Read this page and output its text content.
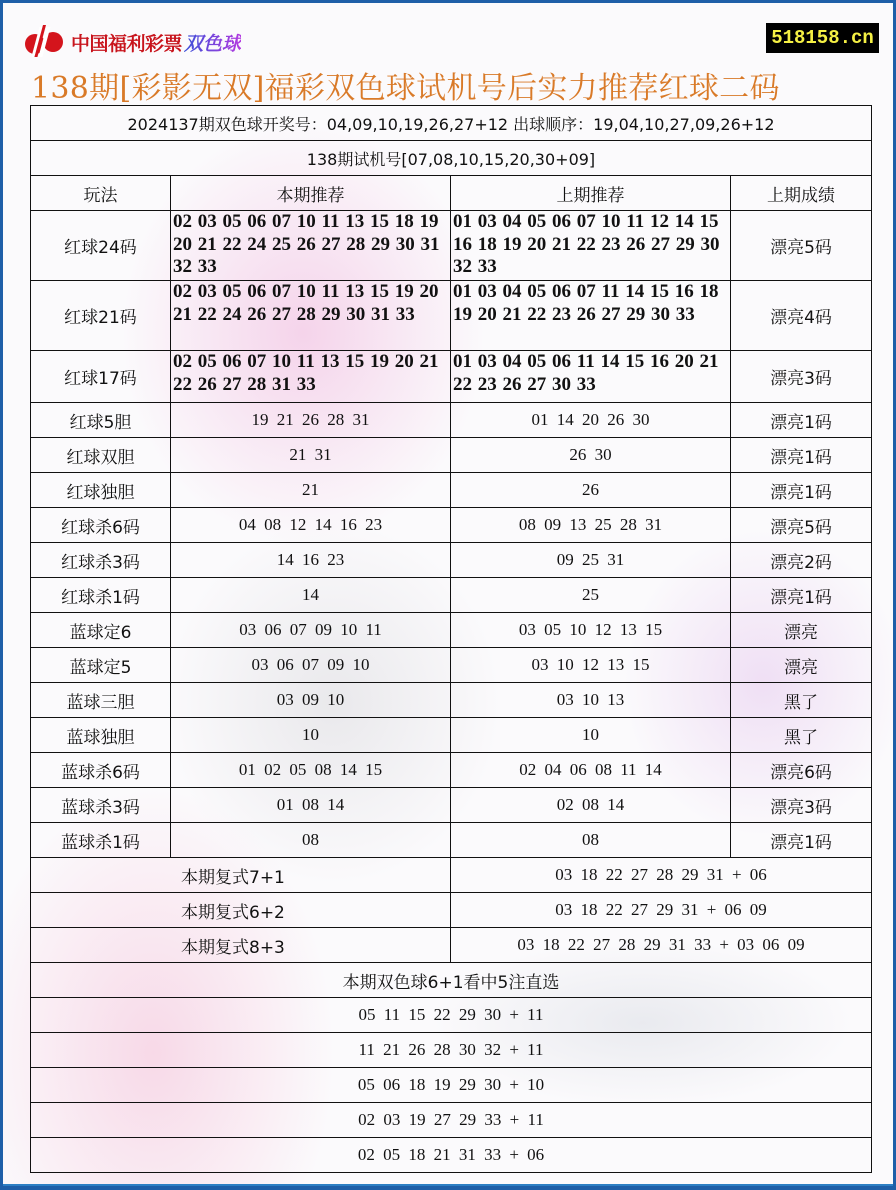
中国福利彩票 双色球	518158.cn
138期[彩影无双]福彩双色球试机号后实力推荐红球二码
2024137期双色球开奖号：04,09,10,19,26,27+12 出球顺序：19,04,10,27,09,26+12			
138期试机号[07,08,10,15,20,30+09]			
玩法	本期推荐	上期推荐	上期成绩
红球24码	02 03 05 06 07 10 11 13 15 18 19 20 21 22 24 25 26 27 28 29 30 31 32 33	01 03 04 05 06 07 10 11 12 14 15 16 18 19 20 21 22 23 26 27 29 30 32 33	漂亮5码
红球21码	02 03 05 06 07 10 11 13 15 19 20 21 22 24 26 27 28 29 30 31 33	01 03 04 05 06 07 11 14 15 16 18 19 20 21 22 23 26 27 29 30 33	漂亮4码
红球17码	02 05 06 07 10 11 13 15 19 20 21 22 26 27 28 31 33	01 03 04 05 06 11 14 15 16 20 21 22 23 26 27 30 33	漂亮3码
红球5胆	19 21 26 28 31	01 14 20 26 30	漂亮1码
红球双胆	21 31	26 30	漂亮1码
红球独胆	21	26	漂亮1码
红球杀6码	04 08 12 14 16 23	08 09 13 25 28 31	漂亮5码
红球杀3码	14 16 23	09 25 31	漂亮2码
红球杀1码	14	25	漂亮1码
蓝球定6	03 06 07 09 10 11	03 05 10 12 13 15	漂亮
蓝球定5	03 06 07 09 10	03 10 12 13 15	漂亮
蓝球三胆	03 09 10	03 10 13	黑了
蓝球独胆	10	10	黑了
蓝球杀6码	01 02 05 08 14 15	02 04 06 08 11 14	漂亮6码
蓝球杀3码	01 08 14	02 08 14	漂亮3码
蓝球杀1码	08	08	漂亮1码
本期复式7+1		03 18 22 27 28 29 31 + 06	
本期复式6+2		03 18 22 27 29 31 + 06 09	
本期复式8+3		03 18 22 27 28 29 31 33 + 03 06 09	
本期双色球6+1看中5注直选			
05 11 15 22 29 30 + 11			
11 21 26 28 30 32 + 11			
05 06 18 19 29 30 + 10			
02 03 19 27 29 33 + 11			
02 05 18 21 31 33 + 06			
